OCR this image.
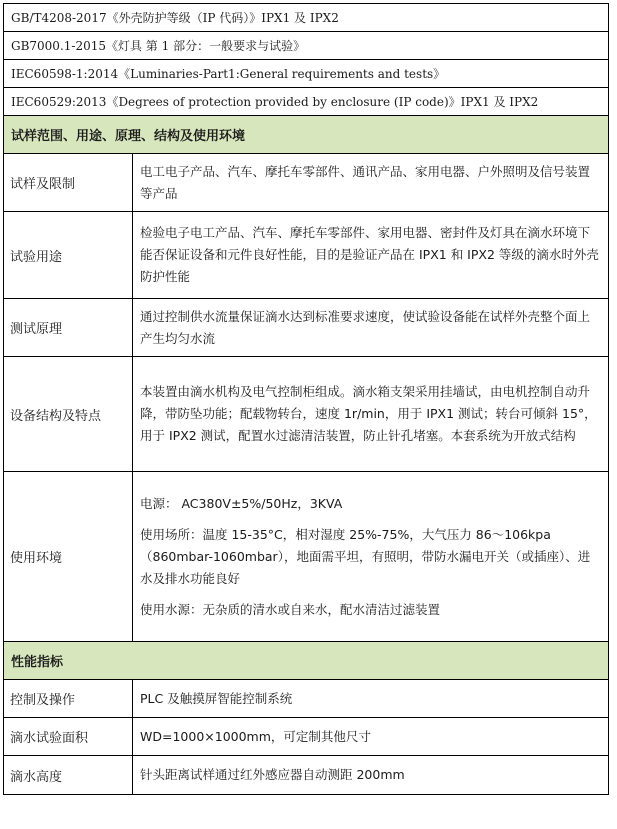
GB/T4208-2017《外壳防护等级（IP 代码）》IPX1 及 IPX2	
GB7000.1-2015《灯具 第 1 部分：一般要求与试验》	
IEC60598-1:2014《Luminaries-Part1:General requirements and tests》	
IEC60529:2013《Degrees of protection provided by enclosure (IP code)》IPX1 及 IPX2	
试样范围、用途、原理、结构及使用环境	
试样及限制	电工电子产品、汽车、摩托车零部件、通讯产品、家用电器、户外照明及信号装置等产品
试验用途	检验电子电工产品、汽车、摩托车零部件、家用电器、密封件及灯具在滴水环境下能否保证设备和元件良好性能，目的是验证产品在 IPX1 和 IPX2 等级的滴水时外壳防护性能
测试原理	通过控制供水流量保证滴水达到标准要求速度，使试验设备能在试样外壳整个面上产生均匀水流
设备结构及特点	本装置由滴水机构及电气控制柜组成。滴水箱支架采用挂墙试，由电机控制自动升降，带防坠功能；配载物转台，速度 1r/min，用于 IPX1 测试；转台可倾斜 15°，用于 IPX2 测试，配置水过滤清洁装置，防止针孔堵塞。本套系统为开放式结构
使用环境	电源： AC380V±5%/50Hz，3KVA

使用场所：温度 15-35°C，相对湿度 25%-75%，大气压力 86～106kpa（860mbar-1060mbar），地面需平坦，有照明，带防水漏电开关（或插座）、进水及排水功能良好

使用水源：无杂质的清水或自来水，配水清洁过滤装置

性能指标	
控制及操作	PLC 及触摸屏智能控制系统
滴水试验面积	WD=1000×1000mm，可定制其他尺寸
滴水高度	针头距离试样通过红外感应器自动测距 200mm
